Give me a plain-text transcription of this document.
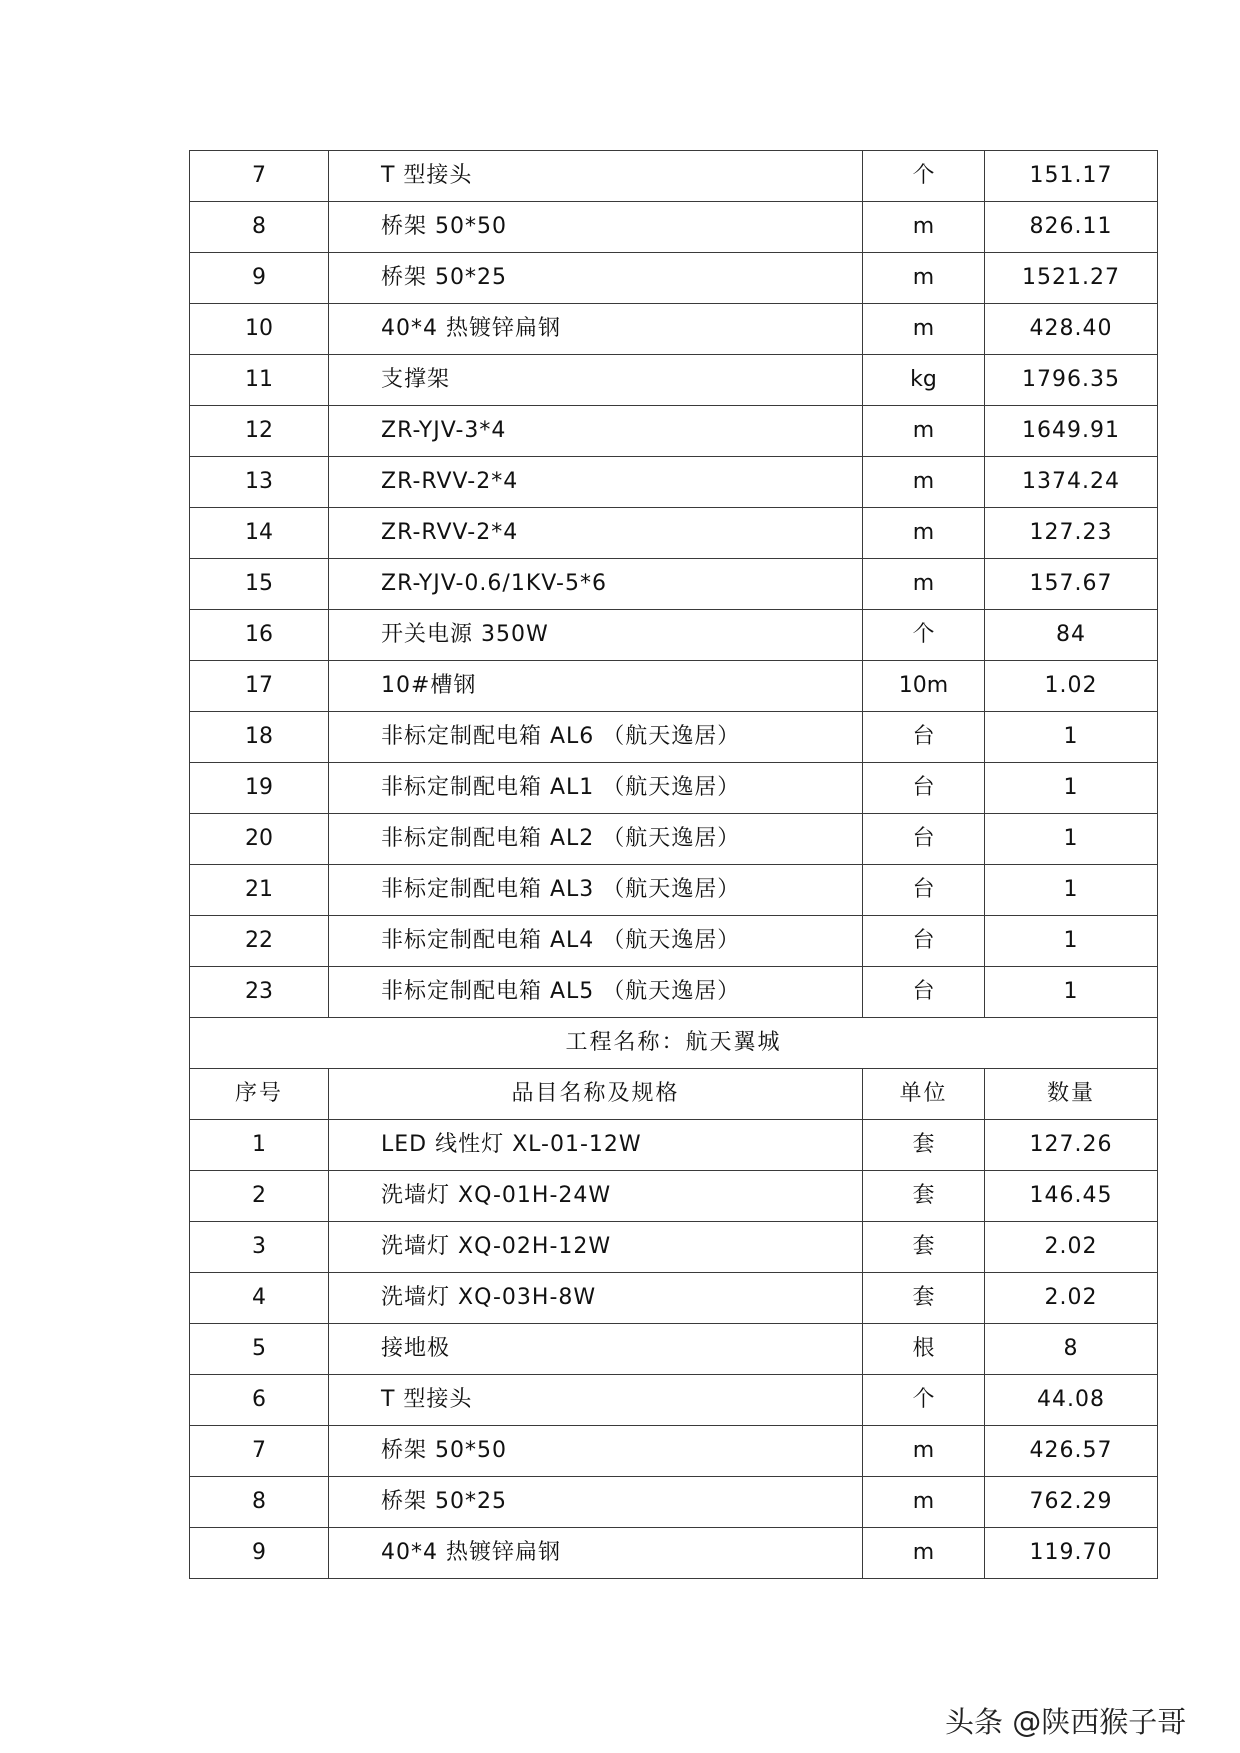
7	T 型接头	个	151.17
8	桥架 50*50	m	826.11
9	桥架 50*25	m	1521.27
10	40*4 热镀锌扁钢	m	428.40
11	支撑架	kg	1796.35
12	ZR-YJV-3*4	m	1649.91
13	ZR-RVV-2*4	m	1374.24
14	ZR-RVV-2*4	m	127.23
15	ZR-YJV-0.6/1KV-5*6	m	157.67
16	开关电源 350W	个	84
17	10#槽钢	10m	1.02
18	非标定制配电箱 AL6 （航天逸居）	台	1
19	非标定制配电箱 AL1 （航天逸居）	台	1
20	非标定制配电箱 AL2 （航天逸居）	台	1
21	非标定制配电箱 AL3 （航天逸居）	台	1
22	非标定制配电箱 AL4 （航天逸居）	台	1
23	非标定制配电箱 AL5 （航天逸居）	台	1
工程名称：航天翼城			
序号	品目名称及规格	单位	数量
1	LED 线性灯 XL-01-12W	套	127.26
2	洗墙灯 XQ-01H-24W	套	146.45
3	洗墙灯 XQ-02H-12W	套	2.02
4	洗墙灯 XQ-03H-8W	套	2.02
5	接地极	根	8
6	T 型接头	个	44.08
7	桥架 50*50	m	426.57
8	桥架 50*25	m	762.29
9	40*4 热镀锌扁钢	m	119.70
头条 @陕西猴子哥
